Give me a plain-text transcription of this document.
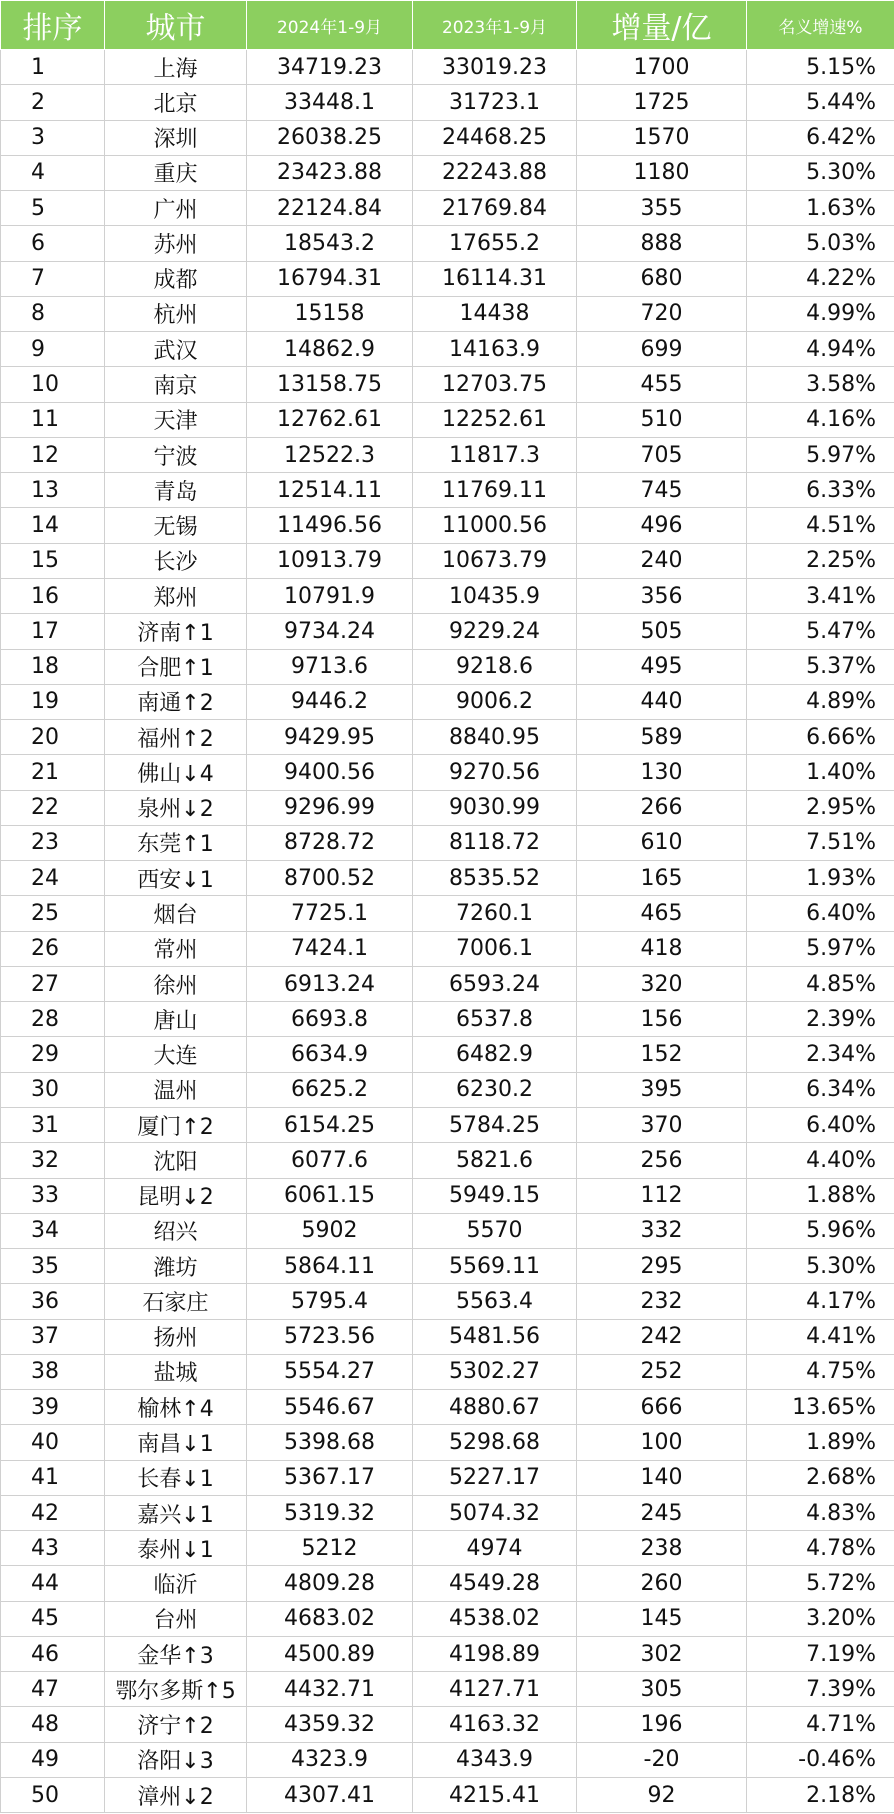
排序	城市	2024年1-9月	2023年1-9月	增量/亿	名义增速%
1	上海	34719.23	33019.23	1700	5.15%
2	北京	33448.1	31723.1	1725	5.44%
3	深圳	26038.25	24468.25	1570	6.42%
4	重庆	23423.88	22243.88	1180	5.30%
5	广州	22124.84	21769.84	355	1.63%
6	苏州	18543.2	17655.2	888	5.03%
7	成都	16794.31	16114.31	680	4.22%
8	杭州	15158	14438	720	4.99%
9	武汉	14862.9	14163.9	699	4.94%
10	南京	13158.75	12703.75	455	3.58%
11	天津	12762.61	12252.61	510	4.16%
12	宁波	12522.3	11817.3	705	5.97%
13	青岛	12514.11	11769.11	745	6.33%
14	无锡	11496.56	11000.56	496	4.51%
15	长沙	10913.79	10673.79	240	2.25%
16	郑州	10791.9	10435.9	356	3.41%
17	济南↑1	9734.24	9229.24	505	5.47%
18	合肥↑1	9713.6	9218.6	495	5.37%
19	南通↑2	9446.2	9006.2	440	4.89%
20	福州↑2	9429.95	8840.95	589	6.66%
21	佛山↓4	9400.56	9270.56	130	1.40%
22	泉州↓2	9296.99	9030.99	266	2.95%
23	东莞↑1	8728.72	8118.72	610	7.51%
24	西安↓1	8700.52	8535.52	165	1.93%
25	烟台	7725.1	7260.1	465	6.40%
26	常州	7424.1	7006.1	418	5.97%
27	徐州	6913.24	6593.24	320	4.85%
28	唐山	6693.8	6537.8	156	2.39%
29	大连	6634.9	6482.9	152	2.34%
30	温州	6625.2	6230.2	395	6.34%
31	厦门↑2	6154.25	5784.25	370	6.40%
32	沈阳	6077.6	5821.6	256	4.40%
33	昆明↓2	6061.15	5949.15	112	1.88%
34	绍兴	5902	5570	332	5.96%
35	潍坊	5864.11	5569.11	295	5.30%
36	石家庄	5795.4	5563.4	232	4.17%
37	扬州	5723.56	5481.56	242	4.41%
38	盐城	5554.27	5302.27	252	4.75%
39	榆林↑4	5546.67	4880.67	666	13.65%
40	南昌↓1	5398.68	5298.68	100	1.89%
41	长春↓1	5367.17	5227.17	140	2.68%
42	嘉兴↓1	5319.32	5074.32	245	4.83%
43	泰州↓1	5212	4974	238	4.78%
44	临沂	4809.28	4549.28	260	5.72%
45	台州	4683.02	4538.02	145	3.20%
46	金华↑3	4500.89	4198.89	302	7.19%
47	鄂尔多斯↑5	4432.71	4127.71	305	7.39%
48	济宁↑2	4359.32	4163.32	196	4.71%
49	洛阳↓3	4323.9	4343.9	-20	-0.46%
50	漳州↓2	4307.41	4215.41	92	2.18%
